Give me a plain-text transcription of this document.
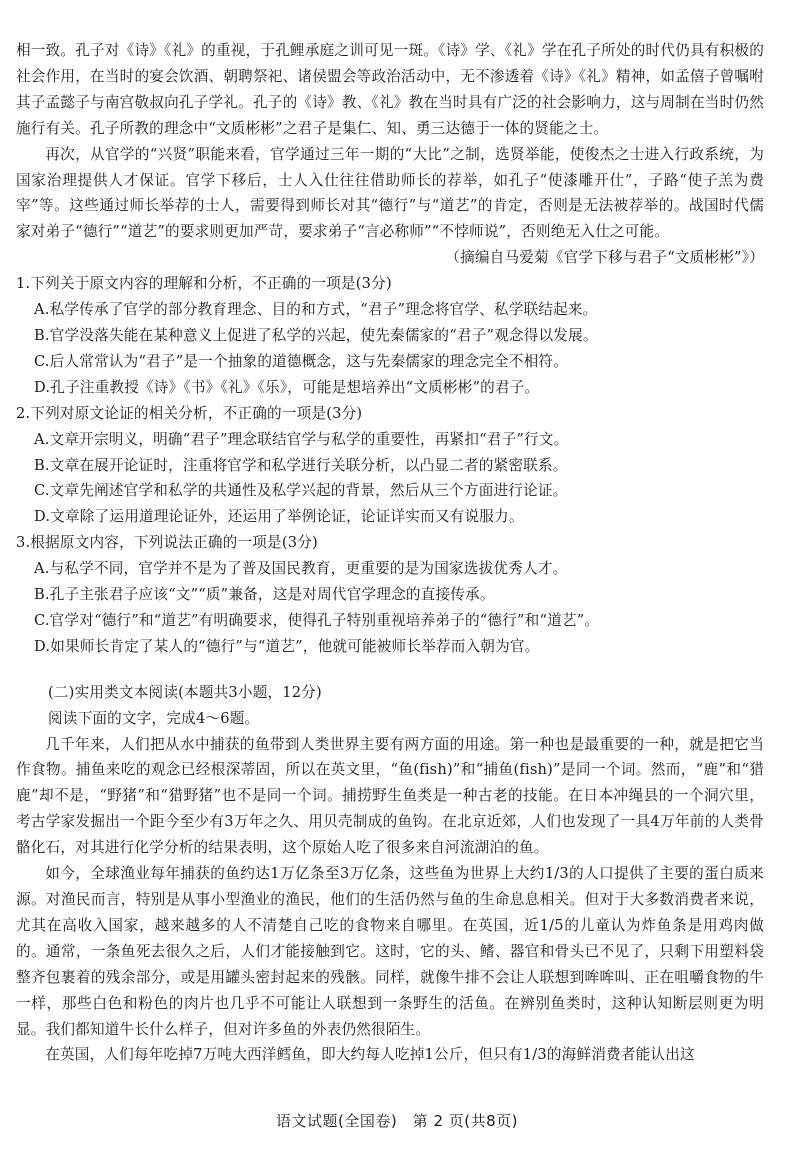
相一致。孔子对《诗》《礼》的重视，于孔鲤承庭之训可见一斑。《诗》学、《礼》学在孔子所处的时代仍具有积极的社会作用，在当时的宴会饮酒、朝聘祭祀、诸侯盟会等政治活动中，无不渗透着《诗》《礼》精神，如孟僖子曾嘱咐其子孟懿子与南宫敬叔向孔子学礼。孔子的《诗》教、《礼》教在当时具有广泛的社会影响力，这与周制在当时仍然施行有关。孔子所教的理念中“文质彬彬”之君子是集仁、知、勇三达德于一体的贤能之士。

再次，从官学的“兴贤”职能来看，官学通过三年一期的“大比”之制，选贤举能，使俊杰之士进入行政系统，为国家治理提供人才保证。官学下移后，士人入仕往往借助师长的荐举，如孔子“使漆雕开仕”，子路“使子羔为费宰”等。这些通过师长举荐的士人，需要得到师长对其“德行”与“道艺”的肯定，否则是无法被荐举的。战国时代儒家对弟子“德行”“道艺”的要求则更加严苛，要求弟子“言必称师”“不悖师说”，否则绝无入仕之可能。

（摘编自马爱菊《官学下移与君子“文质彬彬”》）

1.下列关于原文内容的理解和分析，不正确的一项是(3分)

A.私学传承了官学的部分教育理念、目的和方式，“君子”理念将官学、私学联结起来。

B.官学没落失能在某种意义上促进了私学的兴起，使先秦儒家的“君子”观念得以发展。

C.后人常常认为“君子”是一个抽象的道德概念，这与先秦儒家的理念完全不相符。

D.孔子注重教授《诗》《书》《礼》《乐》，可能是想培养出“文质彬彬”的君子。

2.下列对原文论证的相关分析，不正确的一项是(3分)

A.文章开宗明义，明确“君子”理念联结官学与私学的重要性，再紧扣“君子”行文。

B.文章在展开论证时，注重将官学和私学进行关联分析，以凸显二者的紧密联系。

C.文章先阐述官学和私学的共通性及私学兴起的背景，然后从三个方面进行论证。

D.文章除了运用道理论证外，还运用了举例论证，论证详实而又有说服力。

3.根据原文内容，下列说法正确的一项是(3分)

A.与私学不同，官学并不是为了普及国民教育，更重要的是为国家选拔优秀人才。

B.孔子主张君子应该“文”“质”兼备，这是对周代官学理念的直接传承。

C.官学对“德行”和“道艺”有明确要求，使得孔子特别重视培养弟子的“德行”和“道艺”。

D.如果师长肯定了某人的“德行”与“道艺”，他就可能被师长举荐而入朝为官。

(二)实用类文本阅读(本题共3小题，12分)

阅读下面的文字，完成4～6题。

几千年来，人们把从水中捕获的鱼带到人类世界主要有两方面的用途。第一种也是最重要的一种，就是把它当作食物。捕鱼来吃的观念已经根深蒂固，所以在英文里，“鱼(fish)”和“捕鱼(fish)”是同一个词。然而，“鹿”和“猎鹿”却不是，“野猪”和“猎野猪”也不是同一个词。捕捞野生鱼类是一种古老的技能。在日本冲绳县的一个洞穴里，考古学家发掘出一个距今至少有3万年之久、用贝壳制成的鱼钩。在北京近郊，人们也发现了一具4万年前的人类骨骼化石，对其进行化学分析的结果表明，这个原始人吃了很多来自河流湖泊的鱼。

如今，全球渔业每年捕获的鱼约达1万亿条至3万亿条，这些鱼为世界上大约1/3的人口提供了主要的蛋白质来源。对渔民而言，特别是从事小型渔业的渔民，他们的生活仍然与鱼的生命息息相关。但对于大多数消费者来说，尤其在高收入国家，越来越多的人不清楚自己吃的食物来自哪里。在英国，近1/5的儿童认为炸鱼条是用鸡肉做的。通常，一条鱼死去很久之后，人们才能接触到它。这时，它的头、鳍、器官和骨头已不见了，只剩下用塑料袋整齐包裹着的残余部分，或是用罐头密封起来的残骸。同样，就像牛排不会让人联想到哞哞叫、正在咀嚼食物的牛一样，那些白色和粉色的肉片也几乎不可能让人联想到一条野生的活鱼。在辨别鱼类时，这种认知断层则更为明显。我们都知道牛长什么样子，但对许多鱼的外表仍然很陌生。

在英国，人们每年吃掉7万吨大西洋鳕鱼，即大约每人吃掉1公斤，但只有1/3的海鲜消费者能认出这

语文试题(全国卷)　第 2 页(共8页)
